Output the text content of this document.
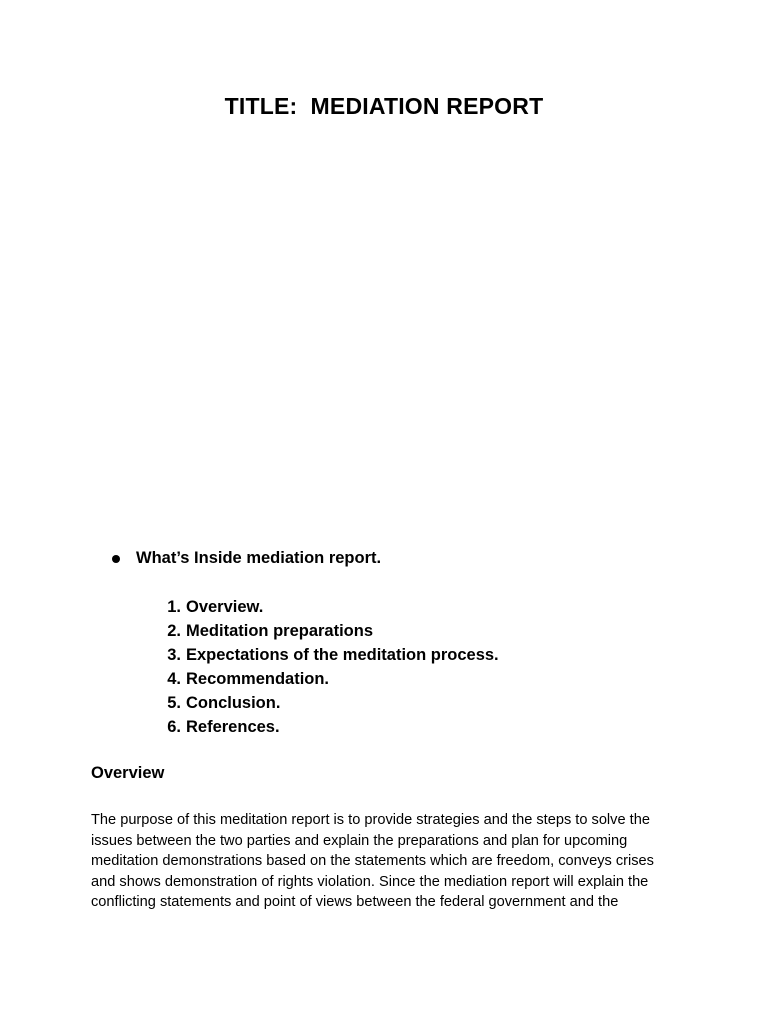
TITLE:  MEDIATION REPORT
What’s Inside mediation report.
1. Overview.
2. Meditation preparations
3. Expectations of the meditation process.
4. Recommendation.
5. Conclusion.
6. References.
Overview

The purpose of this meditation report is to provide strategies and the steps to solve the
issues between the two parties and explain the preparations and plan for upcoming
meditation demonstrations based on the statements which are freedom, conveys crises
and shows demonstration of rights violation. Since the mediation report will explain the
conflicting statements and point of views between the federal government and the
